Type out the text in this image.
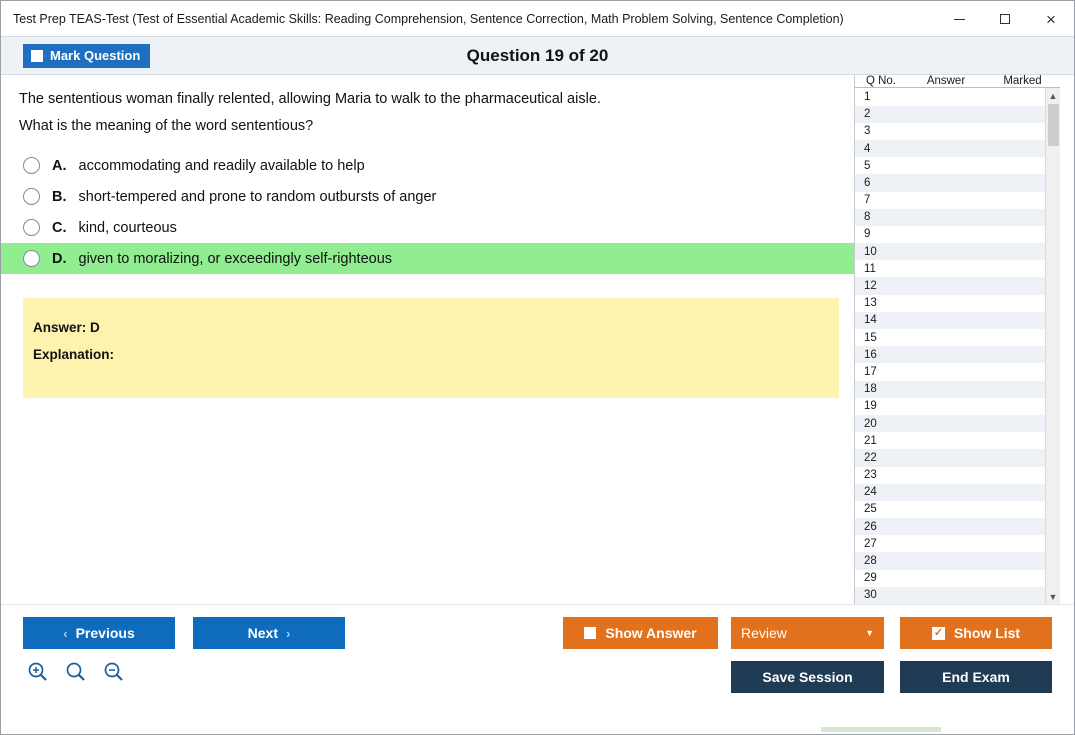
Test Prep TEAS-Test (Test of Essential Academic Skills: Reading Comprehension, Sentence Correction, Math Problem Solving, Sentence Completion)	×
Mark Question	Question 19 of 20
The sententious woman finally relented, allowing Maria to walk to the pharmaceutical aisle.
What is the meaning of the word sententious?
A. accommodating and readily available to help
B. short-tempered and prone to random outbursts of anger
C. kind, courteous
D. given to moralizing, or exceedingly self-righteous
Answer: D
Explanation:
Q No.	Answer	Marked
1
2
3
4
5
6
7
8
9
10
11
12
13
14
15
16
17
18
19
20
21
22
23
24
25
26
27
28
29
30
▲
▼
‹ Previous	Next ›	Show Answer	Review	▼	✓ Show List
Save Session	End Exam
